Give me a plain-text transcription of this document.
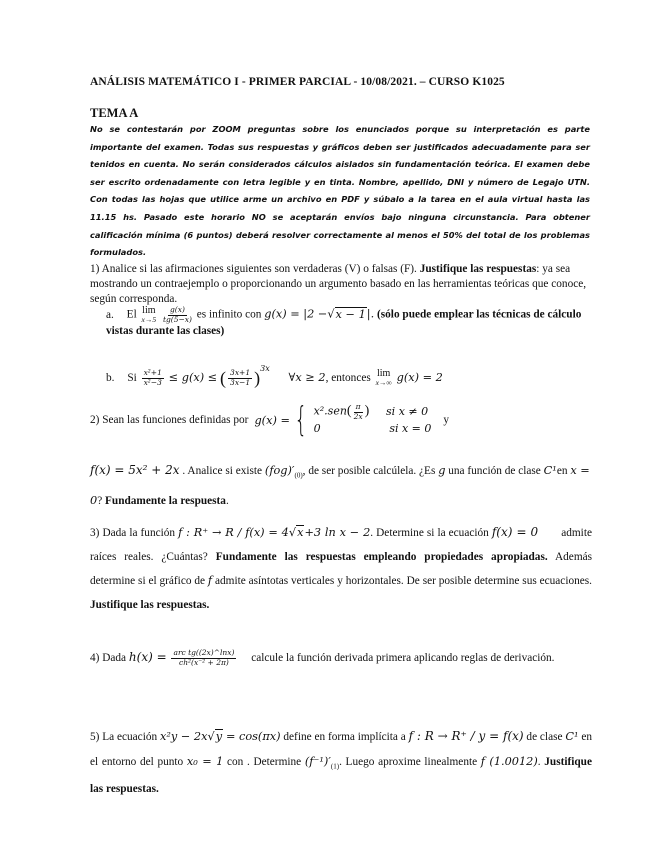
ANÁLISIS MATEMÁTICO I - PRIMER PARCIAL - 10/08/2021. – CURSO K1025
TEMA A
No se contestarán por ZOOM preguntas sobre los enunciados porque su interpretación es parte importante del examen. Todas sus respuestas y gráficos deben ser justificados adecuadamente para ser tenidos en cuenta. No serán considerados cálculos aislados sin fundamentación teórica. El examen debe ser escrito ordenadamente con letra legible y en tinta. Nombre, apellido, DNI y número de Legajo UTN. Con todas las hojas que utilice arme un archivo en PDF y súbalo a la tarea en el aula virtual hasta las 11.15 hs. Pasado este horario NO se aceptarán envíos bajo ninguna circunstancia. Para obtener calificación mínima (6 puntos) deberá resolver correctamente al menos el 50% del total de los problemas formulados.
1) Analice si las afirmaciones siguientes son verdaderas (V) o falsas (F). Justifique las respuestas: ya sea mostrando un contraejemplo o proporcionando un argumento basado en las herramientas teóricas que conoce, según corresponda.
a. El lim
x→5
$\frac{g(x)}{tg(5-x)}$ es infinito con g(x) = |2 −√x − 1|. (sólo puede emplear las técnicas de cálculo vistas durante las clases)
b. Si $\frac{\text{x²+1}}{\text{x²−3}} \le g(x)$ ≤ ( $\frac{3x+1}{3x-1} )^{3x}$ ∀x ≥ 2, entonces lim
x→∞ g(x) = 2
2) Sean las funciones definidas por g(x) = { $x^2.sen( \frac{\pi}{2x}$ ) si x ≠ 0
0	si x = 0
y
f(x) = 5x² + 2x . Analice si existe $(fog)'_{(0)}$, de ser posible calcúlela. ¿Es g una función de clase C¹en x = 0? Fundamente la respuesta.
3) Dada la función f : R⁺ → R / f(x) = 4√x+3 ln x − 2. Determine si la ecuación f(x) = 0 admite raíces reales. ¿Cuántas? Fundamente las respuestas empleando propiedades apropiadas. Además determine si el gráfico de f admite asíntotas verticales y horizontales. De ser posible determine sus ecuaciones. Justifique las respuestas.
4) Dada $h(x) = \frac{\text{arc tg((2x)\textasciicircum{}lnx)}}{\text{ch²(x⁻² + 2π)}}$ calcule la función derivada primera aplicando reglas de derivación.
5) La ecuación x²y − 2x√y = cos(πx) define en forma implícita a f : R → R⁺ / y = f(x) de clase C¹ en el entorno del punto x₀ = 1 con . Determine $(f^{-1})'_{(1)}$. Luego aproxime linealmente f (1.0012). Justifique las respuestas.
